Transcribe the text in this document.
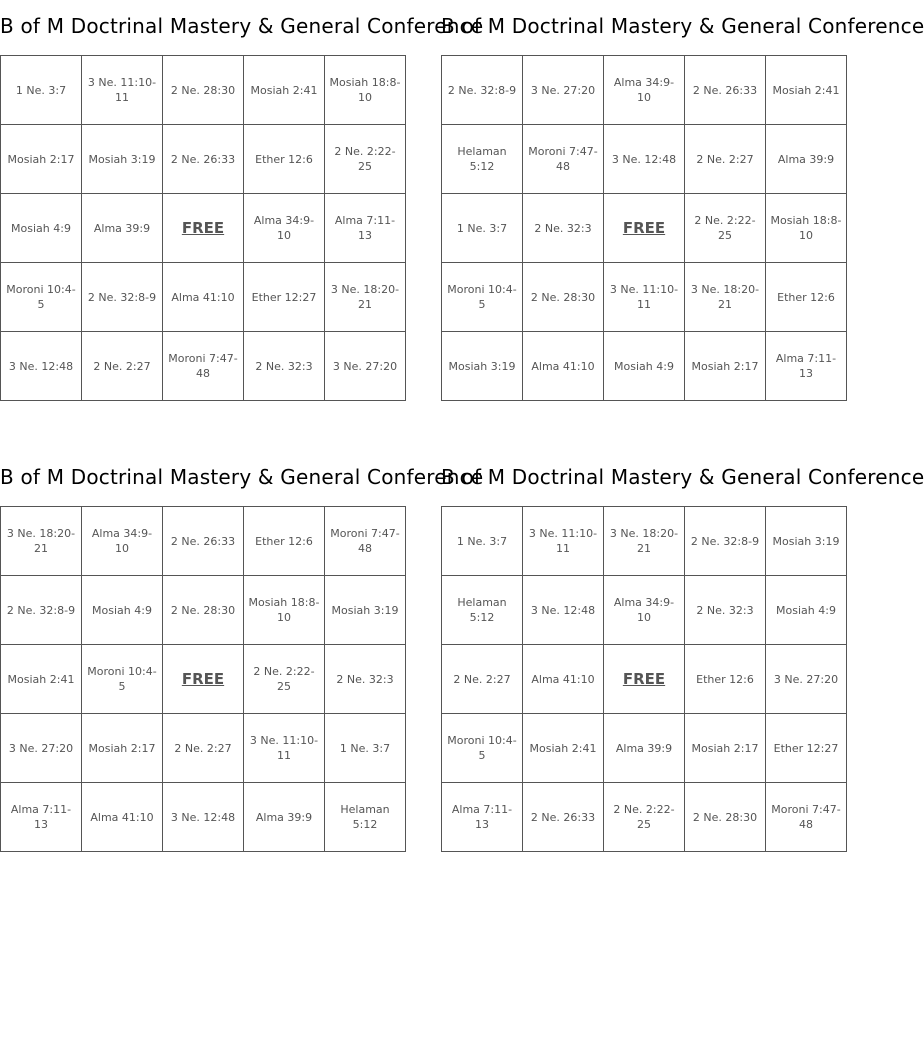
B of M Doctrinal Mastery & General Conference
1 Ne. 3:7	3 Ne. 11:10-11	2 Ne. 28:30	Mosiah 2:41	Mosiah 18:8-10
Mosiah 2:17	Mosiah 3:19	2 Ne. 26:33	Ether 12:6	2 Ne. 2:22-25
Mosiah 4:9	Alma 39:9	FREE	Alma 34:9-10	Alma 7:11-13
Moroni 10:4-5	2 Ne. 32:8-9	Alma 41:10	Ether 12:27	3 Ne. 18:20-21
3 Ne. 12:48	2 Ne. 2:27	Moroni 7:47-48	2 Ne. 32:3	3 Ne. 27:20
B of M Doctrinal Mastery & General Conference
2 Ne. 32:8-9	3 Ne. 27:20	Alma 34:9-10	2 Ne. 26:33	Mosiah 2:41
Helaman 5:12	Moroni 7:47-48	3 Ne. 12:48	2 Ne. 2:27	Alma 39:9
1 Ne. 3:7	2 Ne. 32:3	FREE	2 Ne. 2:22-25	Mosiah 18:8-10
Moroni 10:4-5	2 Ne. 28:30	3 Ne. 11:10-11	3 Ne. 18:20-21	Ether 12:6
Mosiah 3:19	Alma 41:10	Mosiah 4:9	Mosiah 2:17	Alma 7:11-13
B of M Doctrinal Mastery & General Conference
3 Ne. 18:20-21	Alma 34:9-10	2 Ne. 26:33	Ether 12:6	Moroni 7:47-48
2 Ne. 32:8-9	Mosiah 4:9	2 Ne. 28:30	Mosiah 18:8-10	Mosiah 3:19
Mosiah 2:41	Moroni 10:4-5	FREE	2 Ne. 2:22-25	2 Ne. 32:3
3 Ne. 27:20	Mosiah 2:17	2 Ne. 2:27	3 Ne. 11:10-11	1 Ne. 3:7
Alma 7:11-13	Alma 41:10	3 Ne. 12:48	Alma 39:9	Helaman 5:12
B of M Doctrinal Mastery & General Conference
1 Ne. 3:7	3 Ne. 11:10-11	3 Ne. 18:20-21	2 Ne. 32:8-9	Mosiah 3:19
Helaman 5:12	3 Ne. 12:48	Alma 34:9-10	2 Ne. 32:3	Mosiah 4:9
2 Ne. 2:27	Alma 41:10	FREE	Ether 12:6	3 Ne. 27:20
Moroni 10:4-5	Mosiah 2:41	Alma 39:9	Mosiah 2:17	Ether 12:27
Alma 7:11-13	2 Ne. 26:33	2 Ne. 2:22-25	2 Ne. 28:30	Moroni 7:47-48
